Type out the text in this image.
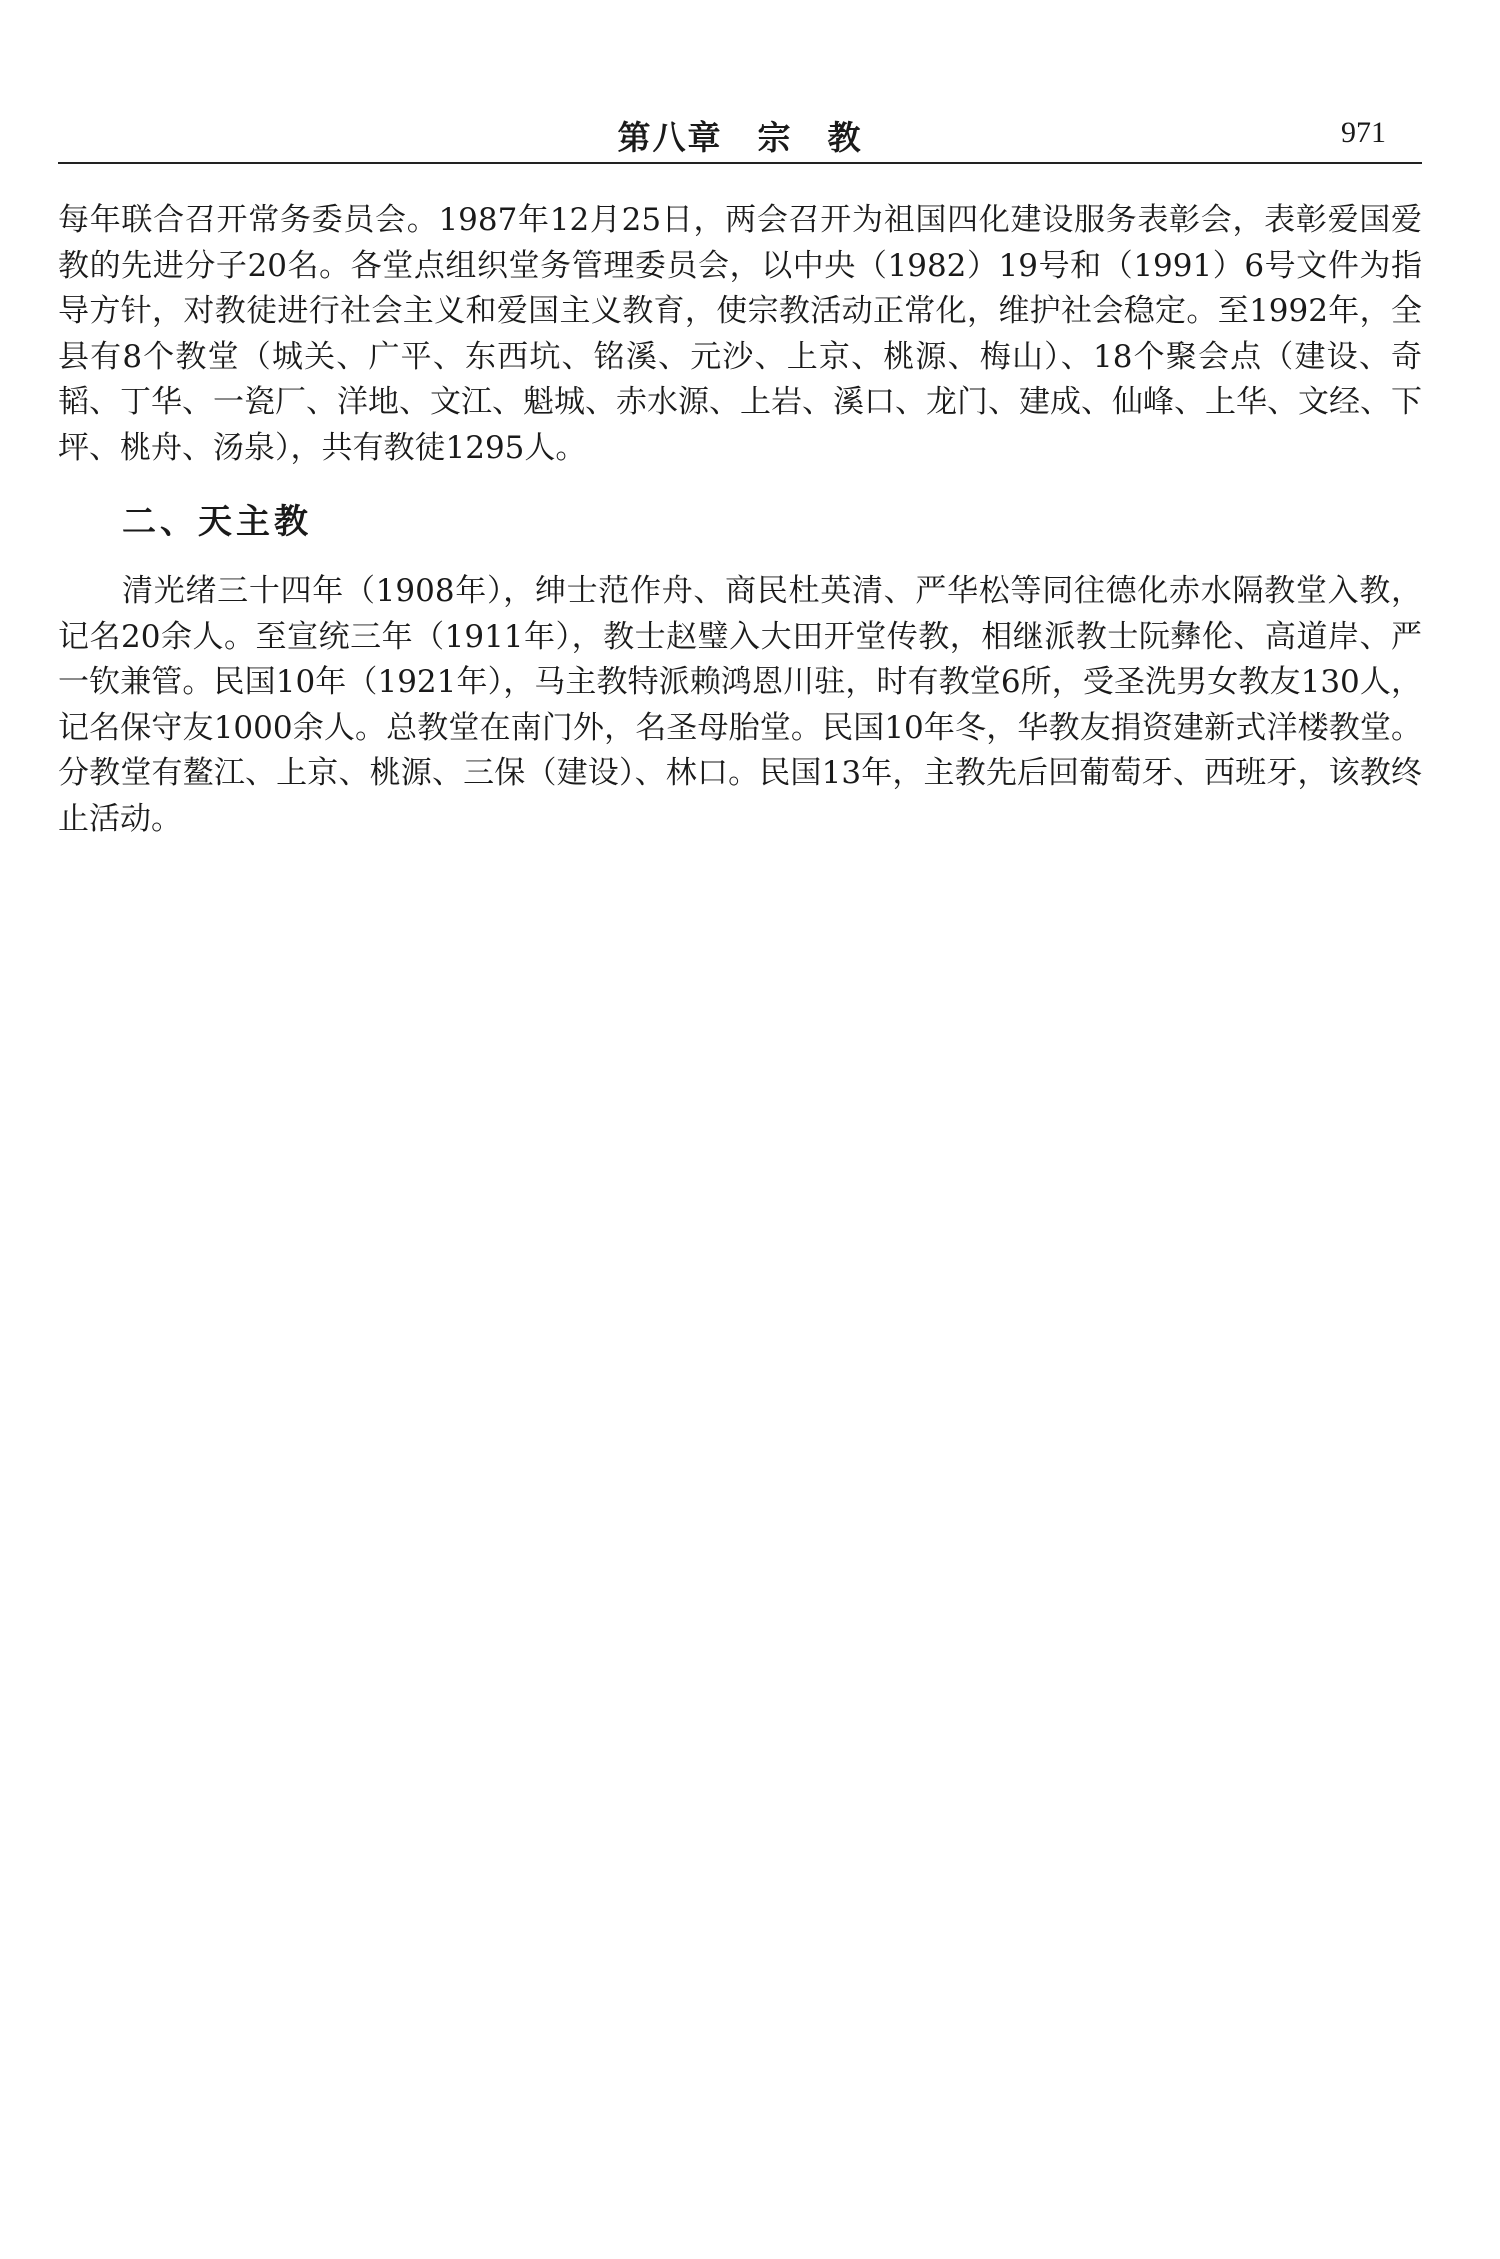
第八章　宗　教	971

每年联合召开常务委员会。1987年12月25日，两会召开为祖国四化建设服务表彰会，表彰爱国爱教的先进分子20名。各堂点组织堂务管理委员会，以中央（1982）19号和（1991）6号文件为指导方针，对教徒进行社会主义和爱国主义教育，使宗教活动正常化，维护社会稳定。至1992年，全县有8个教堂（城关、广平、东西坑、铭溪、元沙、上京、桃源、梅山）、18个聚会点（建设、奇韬、丁华、一瓷厂、洋地、文江、魁城、赤水源、上岩、溪口、龙门、建成、仙峰、上华、文经、下坪、桃舟、汤泉），共有教徒1295人。

二、天主教

清光绪三十四年（1908年），绅士范作舟、商民杜英清、严华松等同往德化赤水隔教堂入教，记名20余人。至宣统三年（1911年），教士赵璧入大田开堂传教，相继派教士阮彝伦、高道岸、严一钦兼管。民国10年（1921年），马主教特派赖鸿恩川驻，时有教堂6所，受圣洗男女教友130人，记名保守友1000余人。总教堂在南门外，名圣母胎堂。民国10年冬，华教友捐资建新式洋楼教堂。分教堂有鳌江、上京、桃源、三保（建设）、林口。民国13年，主教先后回葡萄牙、西班牙，该教终止活动。
